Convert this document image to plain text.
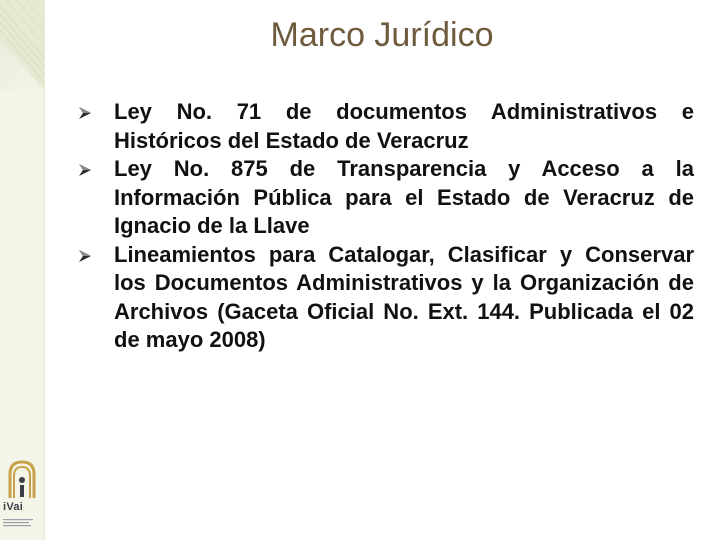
Marco Jurídico
Ley No. 71 de documentos Administrativos e Históricos del Estado de Veracruz
Ley No. 875 de Transparencia y Acceso a la Información Pública para el Estado de Veracruz de Ignacio de la Llave
Lineamientos para Catalogar, Clasificar y Conservar los Documentos Administrativos y la Organización de Archivos (Gaceta Oficial No. Ext. 144. Publicada el 02 de mayo 2008)
iVai
